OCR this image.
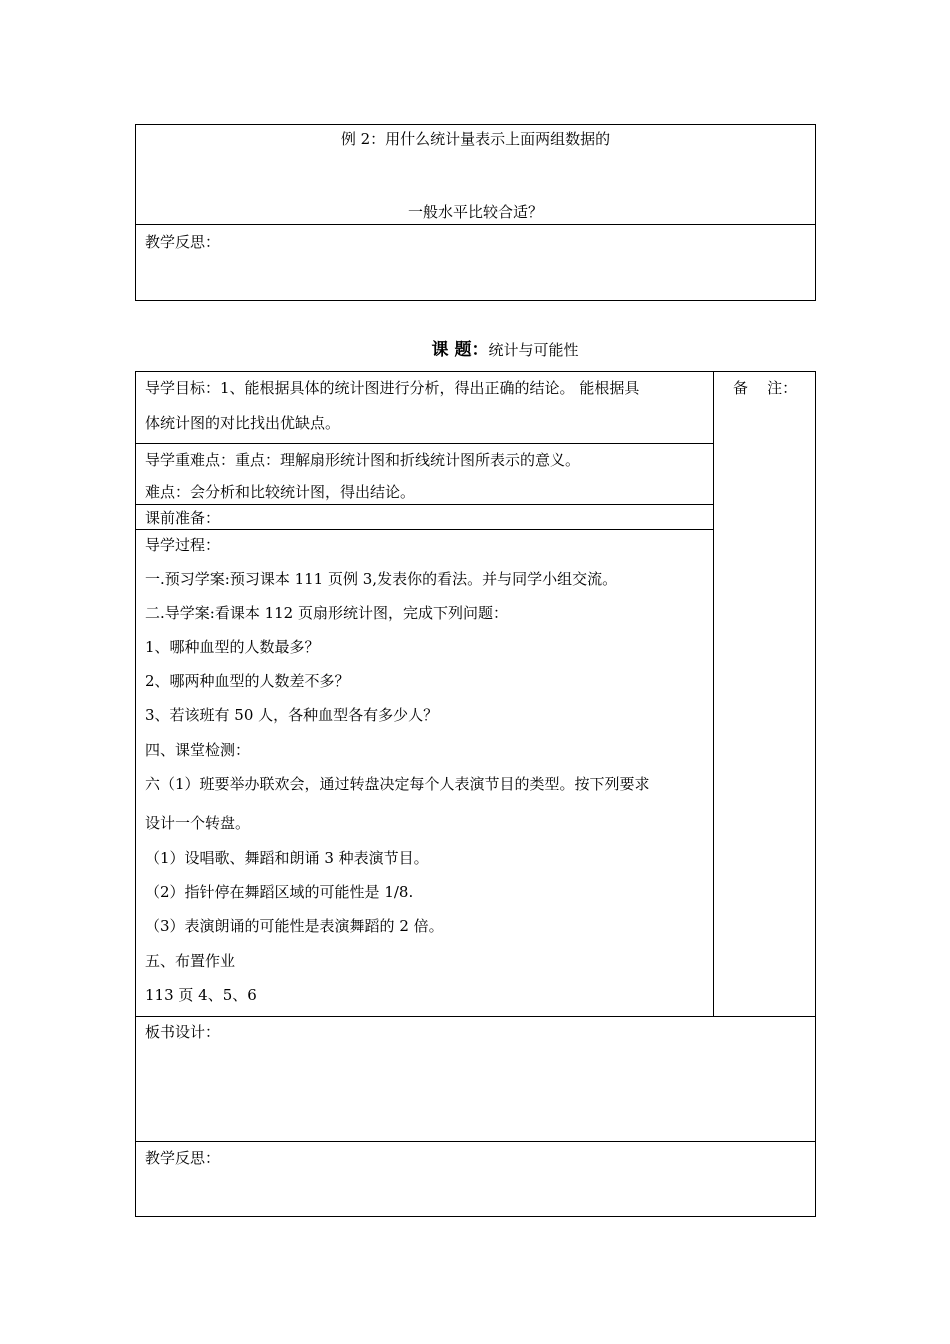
例 2：用什么统计量表示上面两组数据的
一般水平比较合适？
教学反思：
课 题：统计与可能性
备    注：
导学目标：1、能根据具体的统计图进行分析，得出正确的结论。 能根据具
体统计图的对比找出优缺点。
导学重难点：重点：理解扇形统计图和折线统计图所表示的意义。
难点：会分析和比较统计图，得出结论。
课前准备：
导学过程：
一.预习学案:预习课本 111 页例 3,发表你的看法。并与同学小组交流。
二.导学案:看课本 112 页扇形统计图，完成下列问题：
1、哪种血型的人数最多？
2、哪两种血型的人数差不多？
3、若该班有 50 人，各种血型各有多少人？
四、课堂检测：
六（1）班要举办联欢会，通过转盘决定每个人表演节目的类型。按下列要求
设计一个转盘。
（1）设唱歌、舞蹈和朗诵 3 种表演节目。
（2）指针停在舞蹈区域的可能性是 1/8.
（3）表演朗诵的可能性是表演舞蹈的 2 倍。
五、布置作业
113 页 4、5、6
板书设计：
教学反思：
